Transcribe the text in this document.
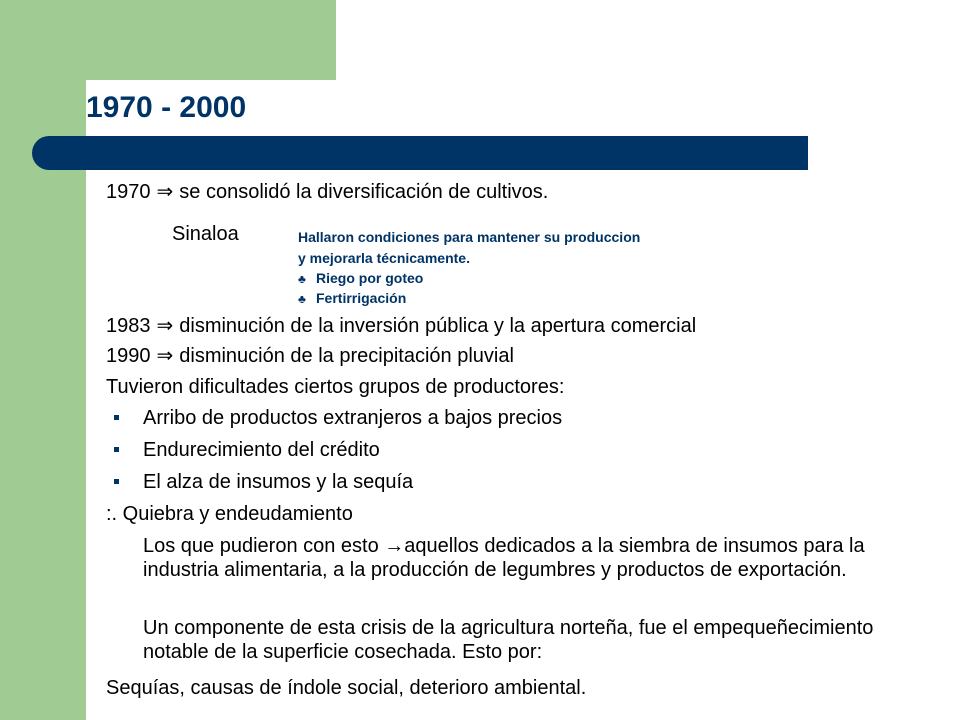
1970 - 2000
1970 ⇒ se consolidó la diversificación de cultivos.
Sinaloa	Hallaron condiciones para mantener su produccion
y mejorarla técnicamente.
♣ Riego por goteo
♣ Fertirrigación
1983 ⇒ disminución de la inversión pública y la apertura comercial
1990 ⇒ disminución de la precipitación pluvial
Tuvieron dificultades ciertos grupos de productores:
Arribo de productos extranjeros a bajos precios
Endurecimiento del crédito
El alza de insumos y la sequía
:. Quiebra y endeudamiento
Los que pudieron con esto →aquellos dedicados a la siembra de insumos para la industria alimentaria, a la producción de legumbres y productos de exportación.
Un componente de esta crisis de la agricultura norteña, fue el empequeñecimiento notable de la superficie cosechada. Esto por:
Sequías, causas de índole social, deterioro ambiental.
